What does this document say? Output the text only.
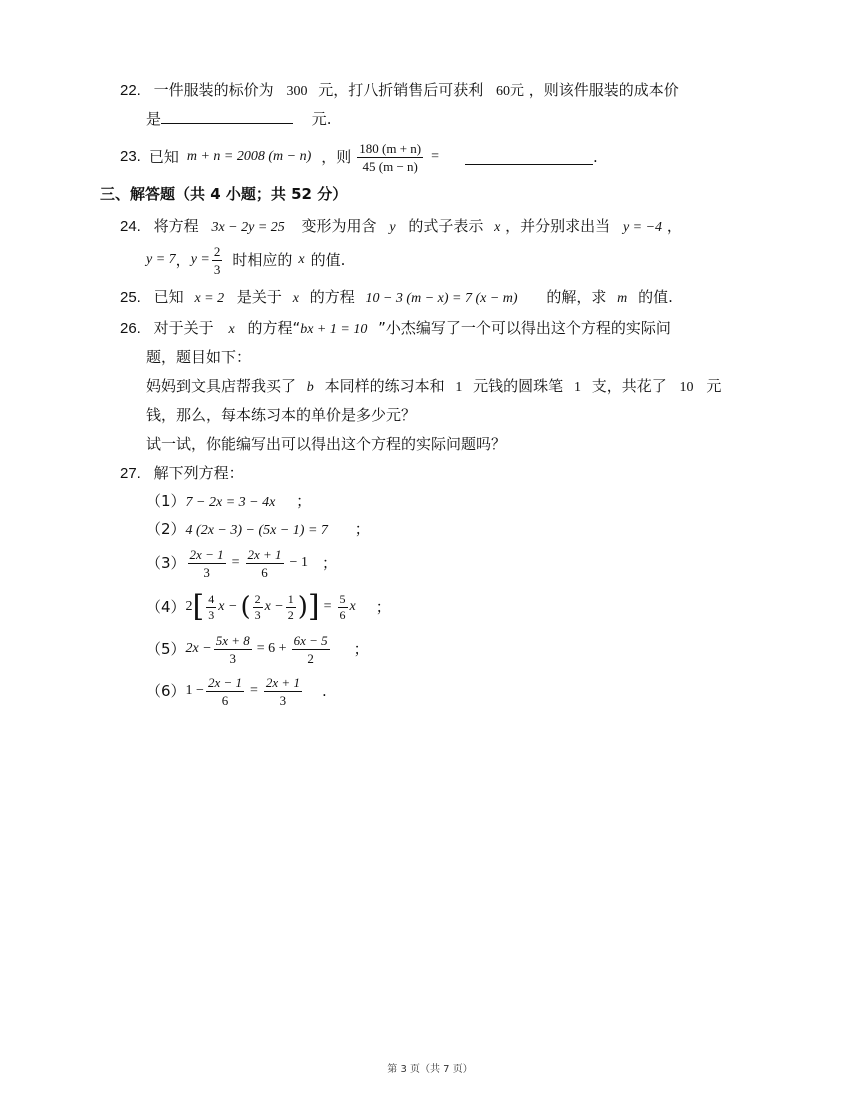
22. 一件服装的标价为 300 元，打八折销售后可获利 60元 ，则该件服装的成本价
是	元.
23. 已知 m + n = 2008 (m − n) ，则 $\frac{180 (m + n)}{45 (m - n)}$ =	.
三、解答题（共 4 小题；共 52 分）
24. 将方程 3x − 2y = 25 变形为用含 y 的式子表示 x ，并分别求出当 y = −4 ，
y = 7 ， $y = \frac{2}{3}$ 时相应的 x 的值.
25. 已知 x = 2 是关于 x 的方程 10 − 3 (m − x) = 7 (x − m) 的解，求 m 的值.
26. 对于关于 x 的方程“bx + 1 = 10 ”小杰编写了一个可以得出这个方程的实际问
题，题目如下：
妈妈到文具店帮我买了 b 本同样的练习本和 1 元钱的圆珠笔 1 支，共花了 10 元
钱，那么，每本练习本的单价是多少元？
试一试，你能编写出可以得出这个方程的实际问题吗？
27. 解下列方程：
（1）7 − 2x = 3 − 4x ；
（2）4 (2x − 3) − (5x − 1) = 7 ；
$(3) \frac{2x - 1}{3} = \frac{2x + 1}{6} - 1$ ；
（4） 2 [ $\frac{4}{3}$ x − ( $\frac{2}{3}$ $x - \frac{1}{2}$ ) ] = $\frac{5}{6}$ x ；
（5） $2x - \frac{5x + 8}{3} = 6 + \frac{6x - 5}{2}$ ；
（6） $1 - \frac{2x - 1}{6} = \frac{2x + 1}{3}$ .
第 3 页（共 7 页）
